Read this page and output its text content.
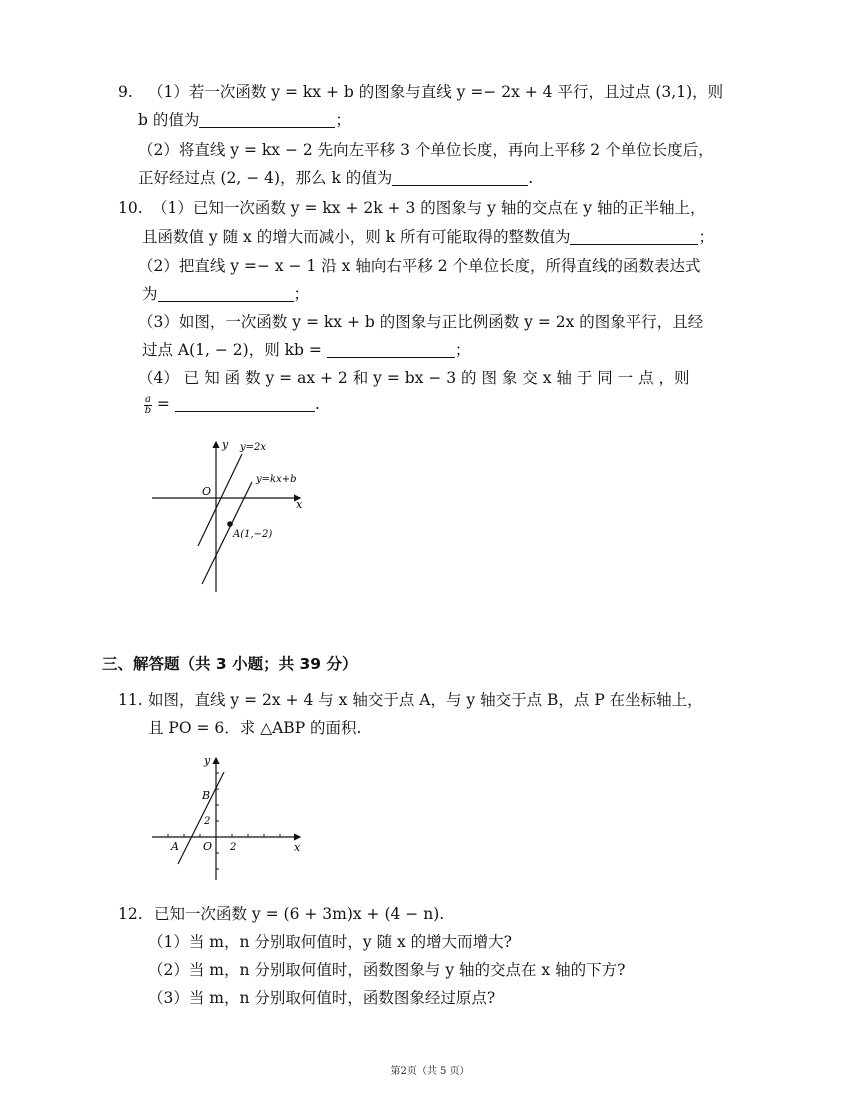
9. （1）若一次函数 y = kx + b 的图象与直线 y =− 2x + 4 平行，且过点 (3,1)，则
b 的值为	；
（2）将直线 y = kx − 2 先向左平移 3 个单位长度，再向上平移 2 个单位长度后，
正好经过点 (2, − 4)，那么 k 的值为	.
10. （1）已知一次函数 y = kx + 2k + 3 的图象与 y 轴的交点在 y 轴的正半轴上，
且函数值 y 随 x 的增大而减小，则 k 所有可能取得的整数值为	；
（2）把直线 y =− x − 1 沿 x 轴向右平移 2 个单位长度，所得直线的函数表达式
为	；
（3）如图，一次函数 y = kx + b 的图象与正比例函数 y = 2x 的图象平行，且经
过点 A(1, − 2)，则 kb =	；
（4） 已 知 函 数 y = ax + 2 和 y = bx − 3 的 图 象 交 x 轴 于 同 一 点 ，则
$\frac{a}{b}$ =	.
y
x
O
y=2x
y=kx+b
A(1,−2)
三、解答题（共 3 小题；共 39 分）
11. 如图，直线 y = 2x + 4 与 x 轴交于点 A，与 y 轴交于点 B，点 P 在坐标轴上，
且 PO = 6．求 △ABP 的面积.
y
x
O
A
B
2
2
12. 已知一次函数 y = (6 + 3m)x + (4 − n).
（1）当 m，n 分别取何值时，y 随 x 的增大而增大?
（2）当 m，n 分别取何值时，函数图象与 y 轴的交点在 x 轴的下方?
（3）当 m，n 分别取何值时，函数图象经过原点?
第2页（共 5 页）
